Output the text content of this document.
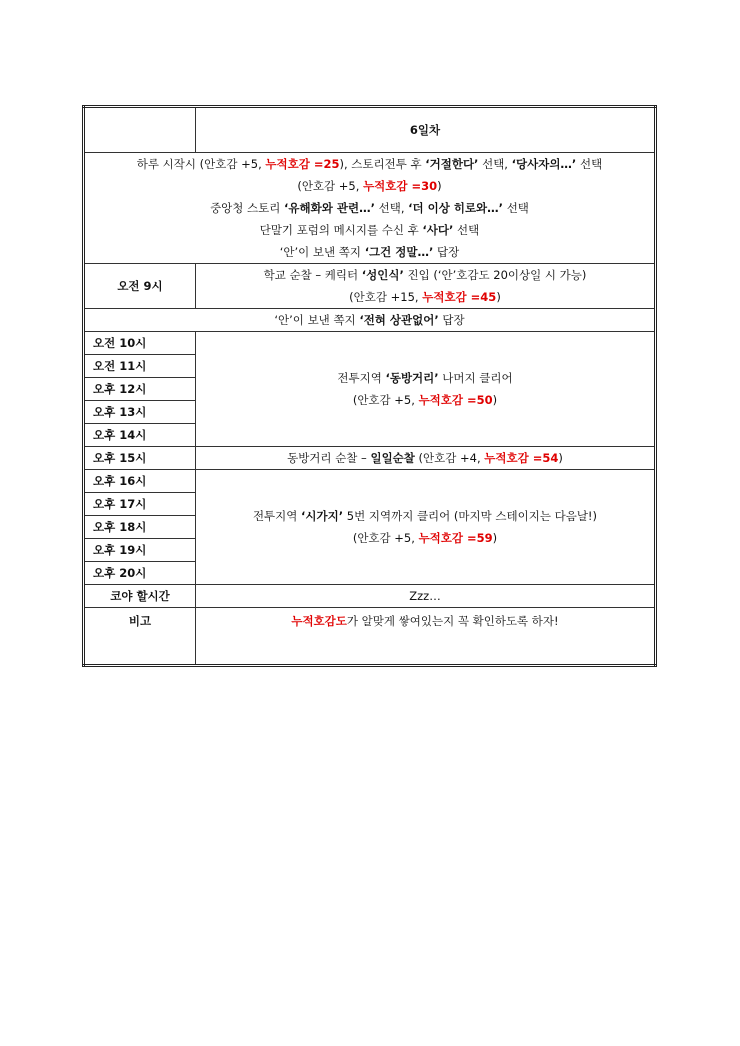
	6일차

하루 시작시 (안호감 +5, 누적호감 =25), 스토리전투 후 ‘거절한다’ 선택, ‘당사자의…’ 선택
(안호감 +5, 누적호감 =30)
중앙청 스토리 ‘유해화와 관련…’ 선택, ‘더 이상 히로와…’ 선택
단말기 포럼의 메시지를 수신 후 ‘사다’ 선택
‘안’이 보낸 쪽지 ‘그건 정말…’ 답장	

오전 9시	학교 순찰 – 케릭터 ‘성인식’ 진입 (‘안’호감도 20이상일 시 가능)
(안호감 +15, 누적호감 =45)

‘안’이 보낸 쪽지 ‘전혀 상관없어’ 답장	
오전 10시	전투지역 ‘동방거리’ 나머지 클리어
(안호감 +5, 누적호감 =50)

오전 11시	
오후 12시	
오후 13시	
오후 14시	
오후 15시	동방거리 순찰 – 일일순찰 (안호감 +4, 누적호감 =54)
오후 16시	전투지역 ‘시가지’ 5번 지역까지 클리어 (마지막 스테이지는 다음날!)
(안호감 +5, 누적호감 =59)

오후 17시	
오후 18시	
오후 19시	
오후 20시	
코야 할시간	Zzz…

비고	누적호감도가 알맞게 쌓여있는지 꼭 확인하도록 하자!
